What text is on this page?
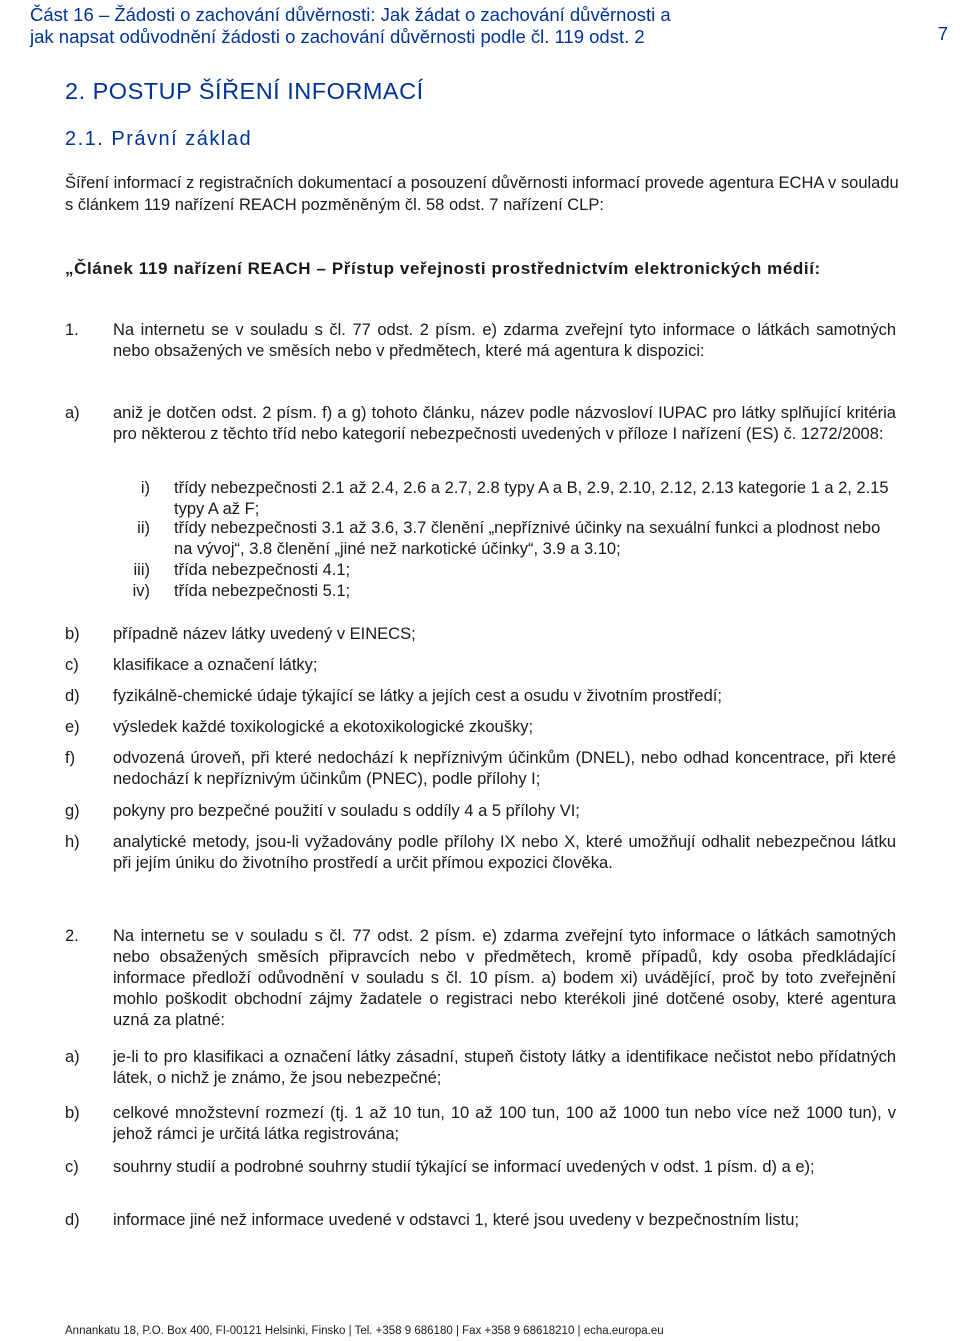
Část 16 – Žádosti o zachování důvěrnosti: Jak žádat o zachování důvěrnosti a
jak napsat odůvodnění žádosti o zachování důvěrnosti podle čl. 119 odst. 2	7
2. POSTUP ŠÍŘENÍ INFORMACÍ
2.1. Právní základ

Šíření informací z registračních dokumentací a posouzení důvěrnosti informací provede agentura ECHA v souladu s článkem 119 nařízení REACH pozměněným čl. 58 odst. 7 nařízení CLP:

„Článek 119 nařízení REACH – Přístup veřejnosti prostřednictvím elektronických médií:

1. Na internetu se v souladu s čl. 77 odst. 2 písm. e) zdarma zveřejní tyto informace o látkách samotných nebo obsažených ve směsích nebo v předmětech, které má agentura k dispozici:
a) aniž je dotčen odst. 2 písm. f) a g) tohoto článku, název podle názvosloví IUPAC pro látky splňující kritéria pro některou z těchto tříd nebo kategorií nebezpečnosti uvedených v příloze I nařízení (ES) č. 1272/2008:
i) třídy nebezpečnosti 2.1 až 2.4, 2.6 a 2.7, 2.8 typy A a B, 2.9, 2.10, 2.12, 2.13 kategorie 1 a 2, 2.15 typy A až F;
ii) třídy nebezpečnosti 3.1 až 3.6, 3.7 členění „nepříznivé účinky na sexuální funkci a plodnost nebo na vývoj“, 3.8 členění „jiné než narkotické účinky“, 3.9 a 3.10;
iii) třída nebezpečnosti 4.1;
iv) třída nebezpečnosti 5.1;
b) případně název látky uvedený v EINECS;
c) klasifikace a označení látky;
d) fyzikálně-chemické údaje týkající se látky a jejích cest a osudu v životním prostředí;
e) výsledek každé toxikologické a ekotoxikologické zkoušky;
f) odvozená úroveň, při které nedochází k nepříznivým účinkům (DNEL), nebo odhad koncentrace, při které nedochází k nepříznivým účinkům (PNEC), podle přílohy I;
g) pokyny pro bezpečné použití v souladu s oddíly 4 a 5 přílohy VI;
h) analytické metody, jsou-li vyžadovány podle přílohy IX nebo X, které umožňují odhalit nebezpečnou látku při jejím úniku do životního prostředí a určit přímou expozici člověka.
2. Na internetu se v souladu s čl. 77 odst. 2 písm. e) zdarma zveřejní tyto informace o látkách samotných nebo obsažených směsích připravcích nebo v předmětech, kromě případů, kdy osoba předkládající informace předloží odůvodnění v souladu s čl. 10 písm. a) bodem xi) uvádějící, proč by toto zveřejnění mohlo poškodit obchodní zájmy žadatele o registraci nebo kterékoli jiné dotčené osoby, které agentura uzná za platné:
a) je-li to pro klasifikaci a označení látky zásadní, stupeň čistoty látky a identifikace nečistot nebo přídatných látek, o nichž je známo, že jsou nebezpečné;
b) celkové množstevní rozmezí (tj. 1 až 10 tun, 10 až 100 tun, 100 až 1000 tun nebo více než 1000 tun), v jehož rámci je určitá látka registrována;
c) souhrny studií a podrobné souhrny studií týkající se informací uvedených v odst. 1 písm. d) a e);
d) informace jiné než informace uvedené v odstavci 1, které jsou uvedeny v bezpečnostním listu;
Annankatu 18, P.O. Box 400, FI-00121 Helsinki, Finsko | Tel. +358 9 686180 | Fax +358 9 68618210 | echa.europa.eu
